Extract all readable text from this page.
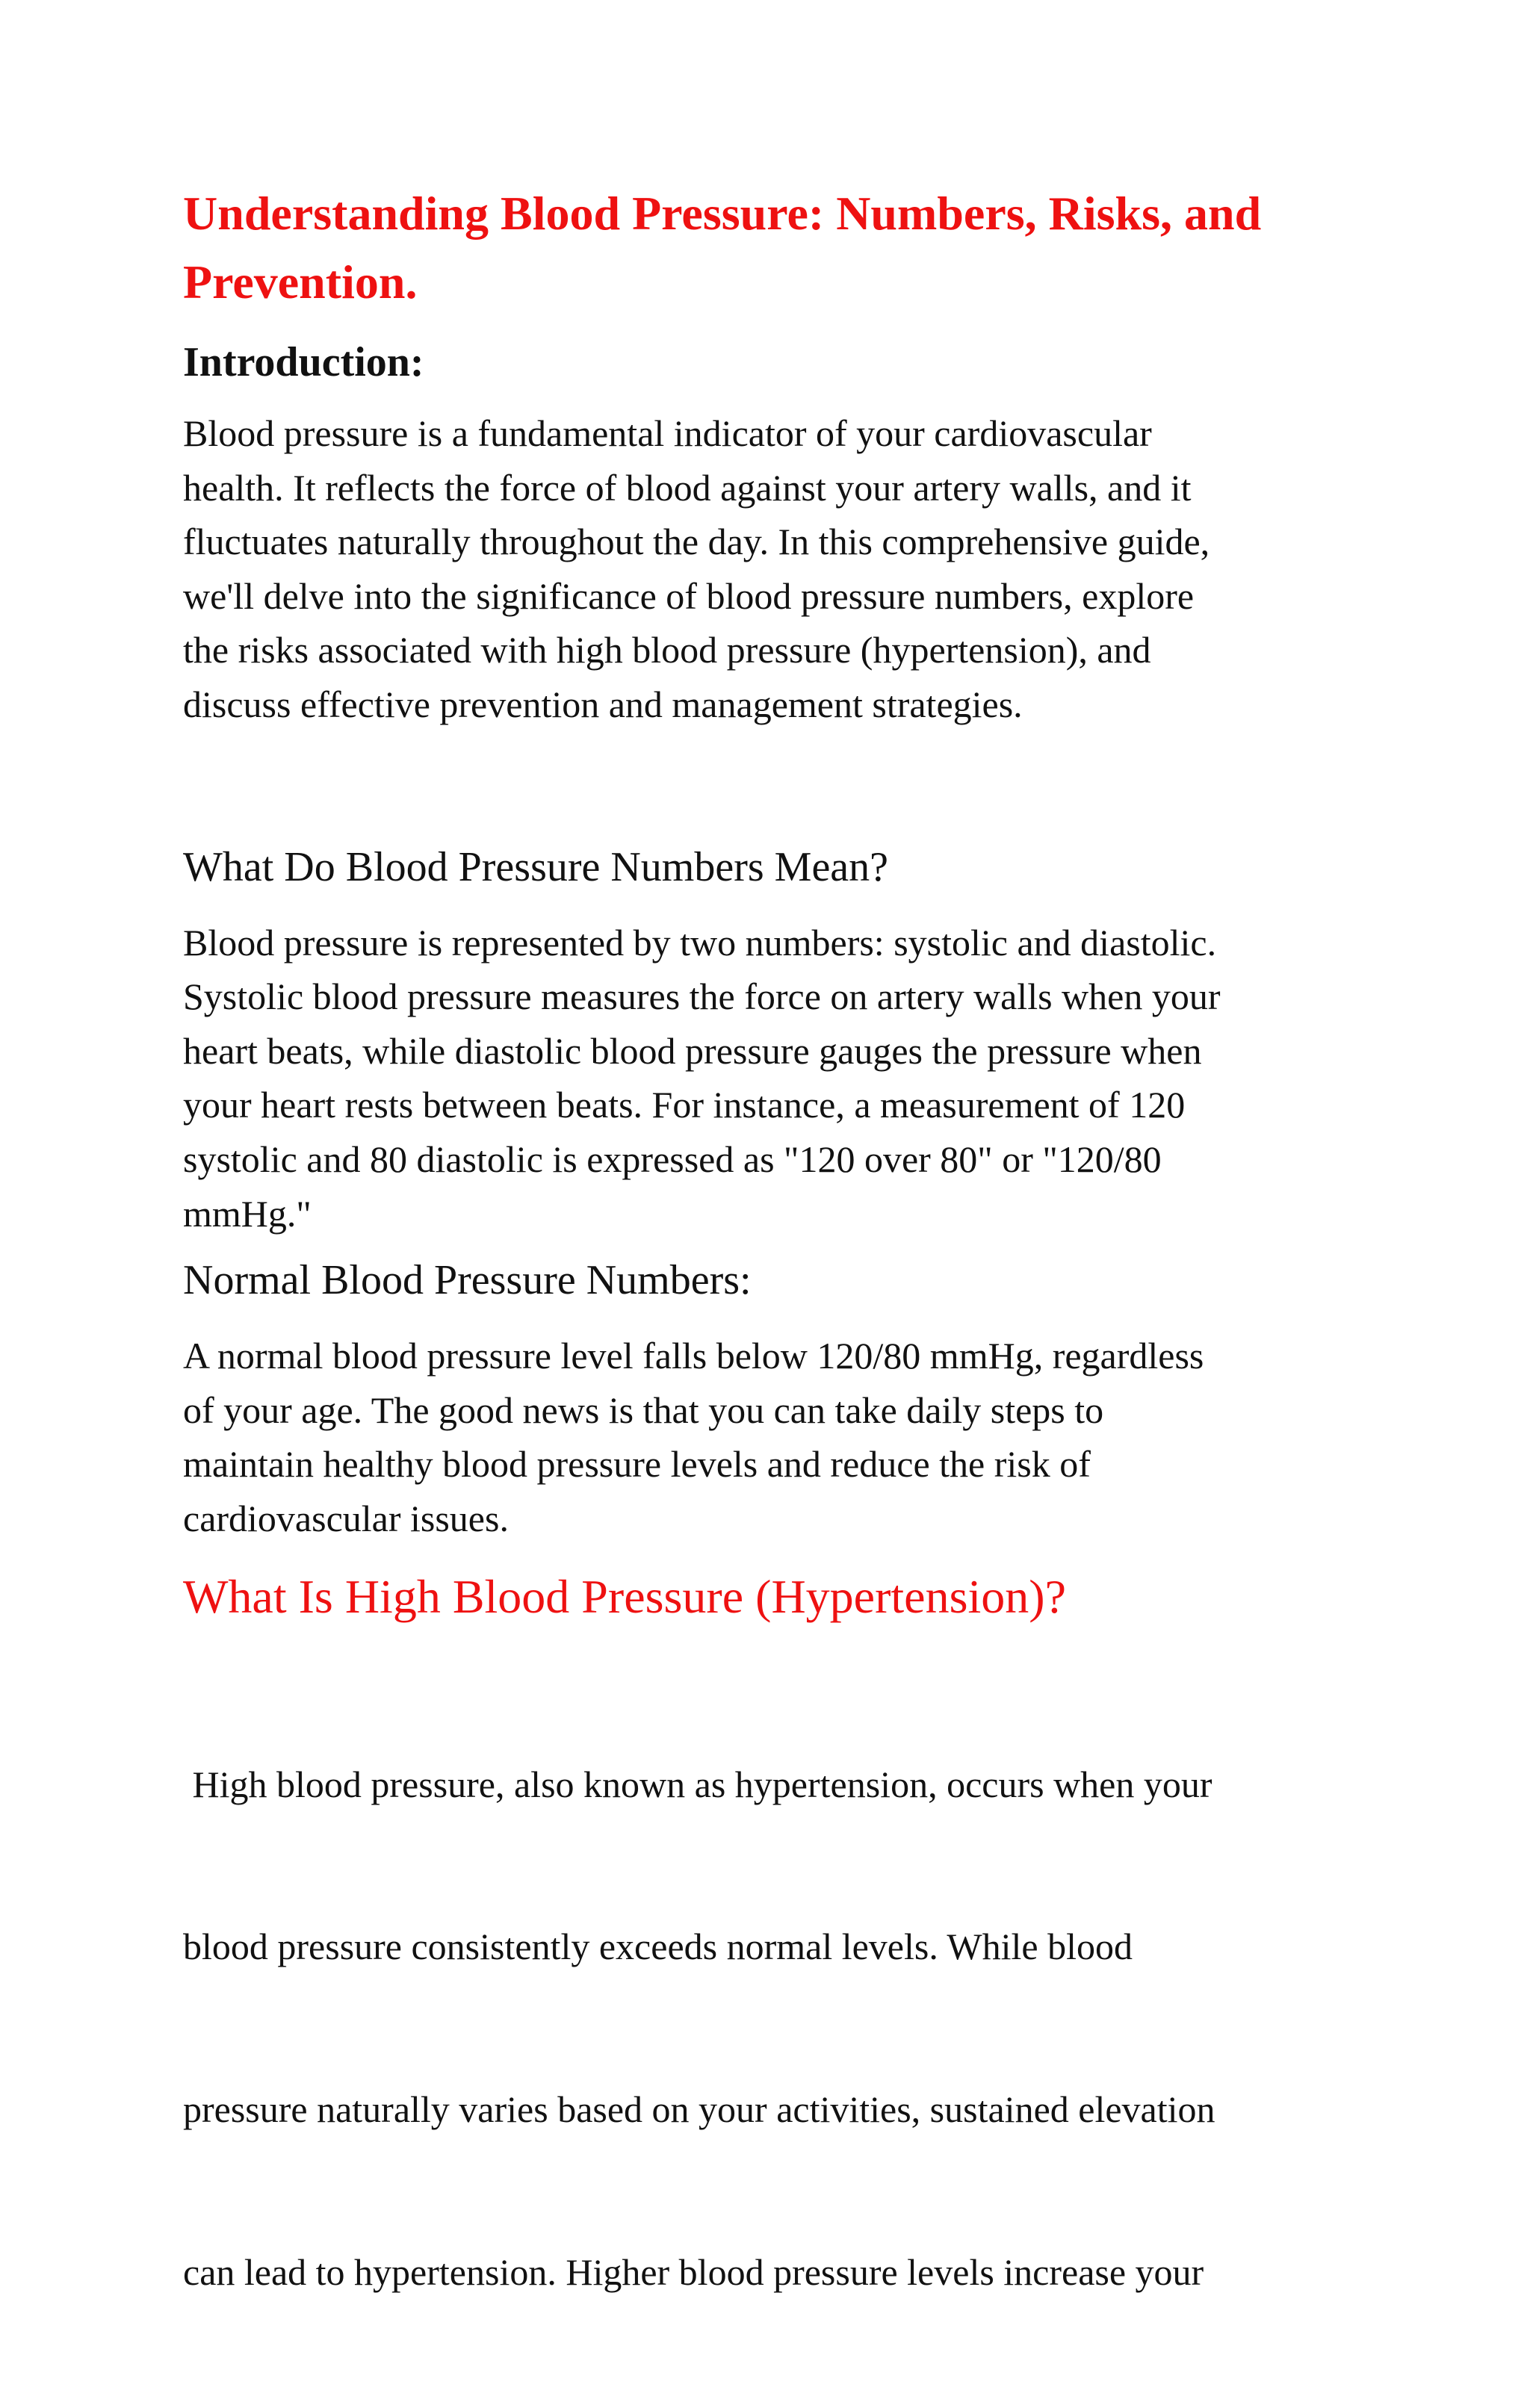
Understanding Blood Pressure: Numbers, Risks, and
Prevention.
Introduction:

Blood pressure is a fundamental indicator of your cardiovascular
health. It reflects the force of blood against your artery walls, and it
fluctuates naturally throughout the day. In this comprehensive guide,
we'll delve into the significance of blood pressure numbers, explore
the risks associated with high blood pressure (hypertension), and
discuss effective prevention and management strategies.

What Do Blood Pressure Numbers Mean?

Blood pressure is represented by two numbers: systolic and diastolic.
Systolic blood pressure measures the force on artery walls when your
heart beats, while diastolic blood pressure gauges the pressure when
your heart rests between beats. For instance, a measurement of 120
systolic and 80 diastolic is expressed as "120 over 80" or "120/80
mmHg."

Normal Blood Pressure Numbers:

A normal blood pressure level falls below 120/80 mmHg, regardless
of your age. The good news is that you can take daily steps to
maintain healthy blood pressure levels and reduce the risk of
cardiovascular issues.

What Is High Blood Pressure (Hypertension)?

High blood pressure, also known as hypertension, occurs when your

blood pressure consistently exceeds normal levels. While blood

pressure naturally varies based on your activities, sustained elevation

can lead to hypertension. Higher blood pressure levels increase your
